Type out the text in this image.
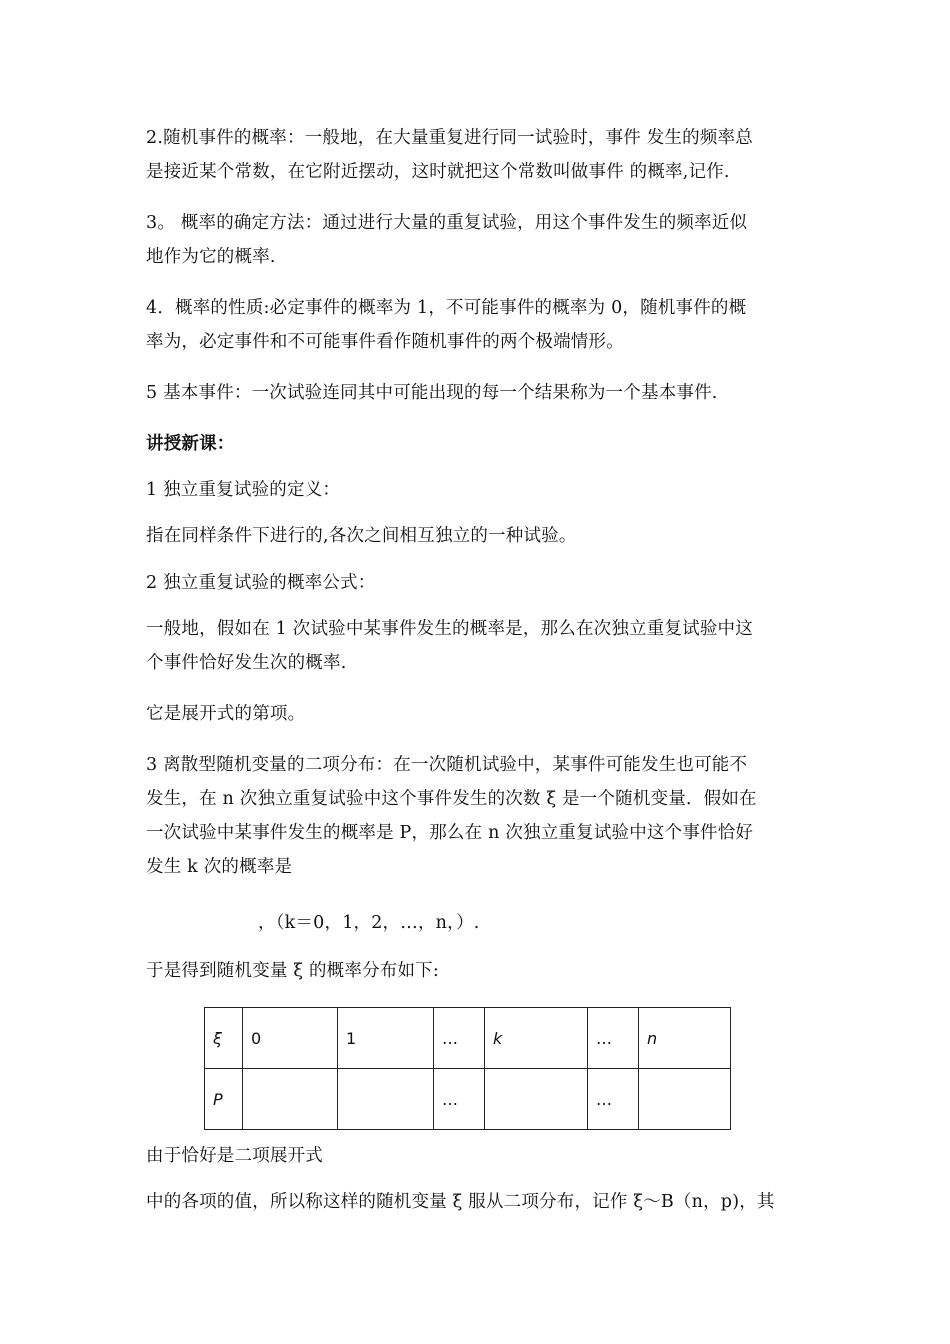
2.随机事件的概率：一般地，在大量重复进行同一试验时，事件 发生的频率总
是接近某个常数，在它附近摆动，这时就把这个常数叫做事件 的概率,记作.
3。 概率的确定方法：通过进行大量的重复试验，用这个事件发生的频率近似
地作为它的概率.
4．概率的性质:必定事件的概率为 1，不可能事件的概率为 0，随机事件的概
率为，必定事件和不可能事件看作随机事件的两个极端情形。
5 基本事件：一次试验连同其中可能出现的每一个结果称为一个基本事件.
讲授新课：
1 独立重复试验的定义：
指在同样条件下进行的,各次之间相互独立的一种试验。
2 独立重复试验的概率公式：
一般地，假如在 1 次试验中某事件发生的概率是，那么在次独立重复试验中这
个事件恰好发生次的概率.
它是展开式的第项。
3 离散型随机变量的二项分布：在一次随机试验中，某事件可能发生也可能不
发生，在 n 次独立重复试验中这个事件发生的次数 ξ 是一个随机变量．假如在
一次试验中某事件发生的概率是 P，那么在 n 次独立重复试验中这个事件恰好
发生 k 次的概率是
，（k＝0，1，2，…，n，）.
于是得到随机变量 ξ 的概率分布如下:
ξ	0	1	…	k	…	n
P			…		…	
由于恰好是二项展开式
中的各项的值，所以称这样的随机变量 ξ 服从二项分布，记作 ξ～B（n，p)，其
